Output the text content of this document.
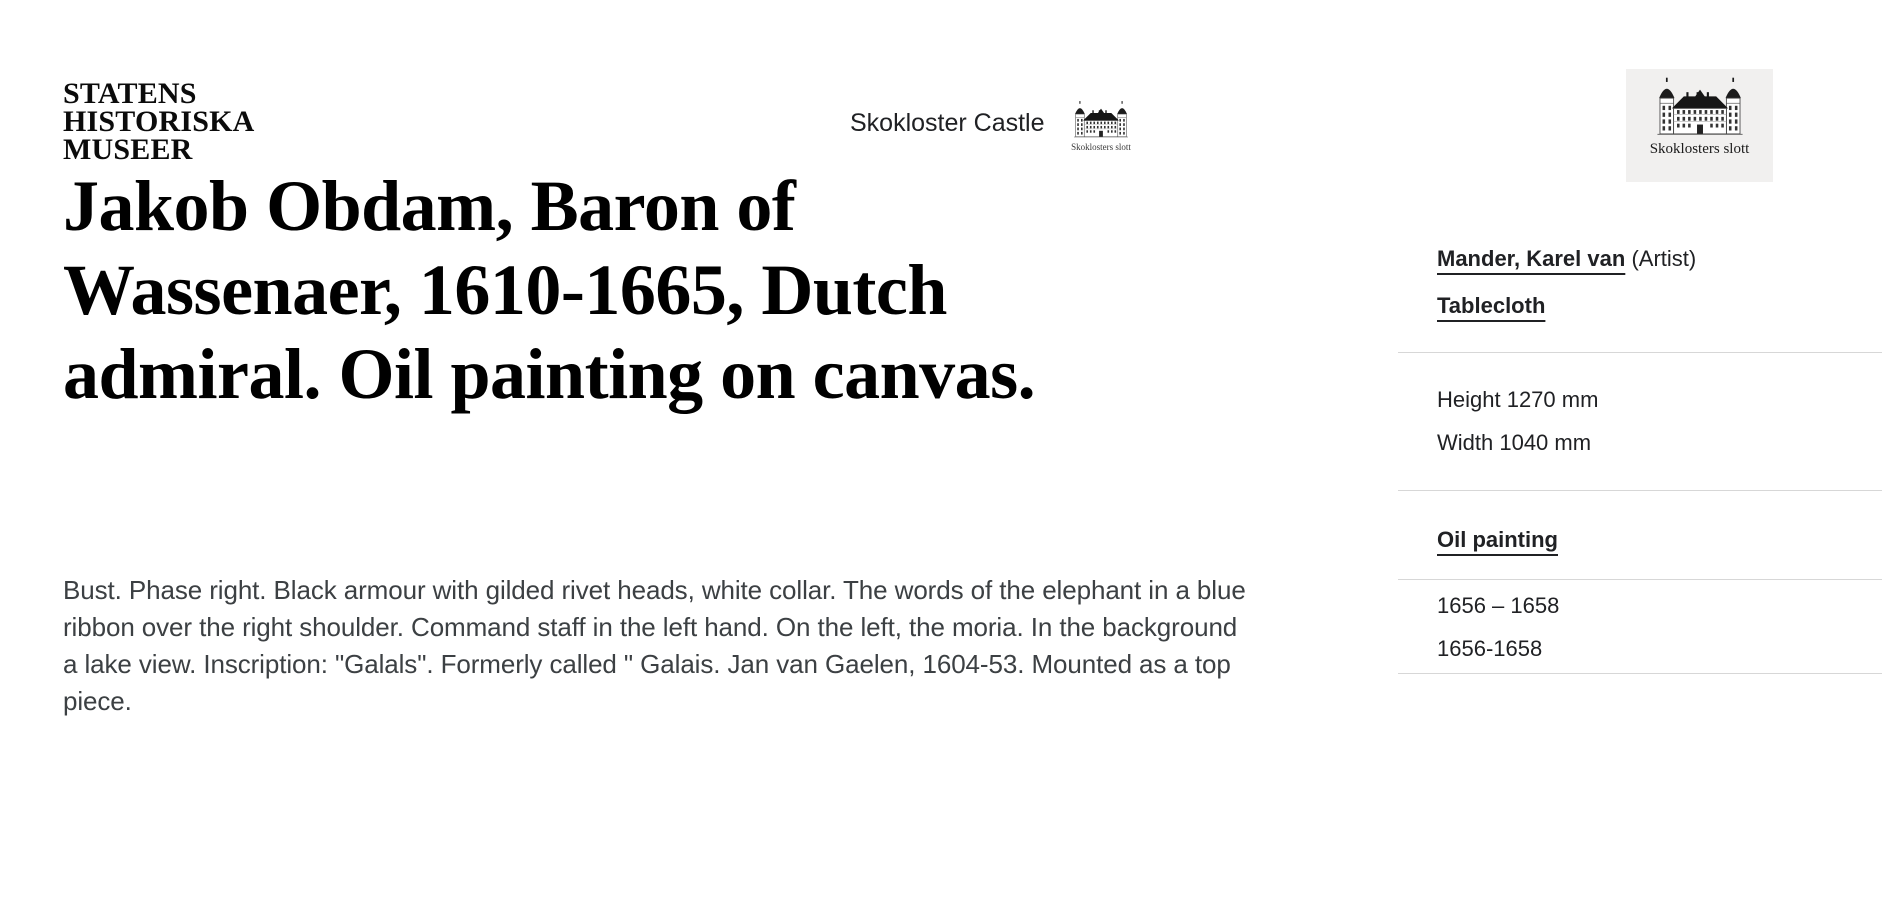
STATENS
HISTORISKA
MUSEER
Skokloster Castle
Skoklosters slott	Skoklosters slott
Jakob Obdam, Baron of
Wassenaer, 1610-1665, Dutch
admiral. Oil painting on canvas.
Bust. Phase right. Black armour with gilded rivet heads, white collar. The words of the elephant in a blue
ribbon over the right shoulder. Command staff in the left hand. On the left, the moria. In the background
a lake view. Inscription: "Galals". Formerly called " Galais. Jan van Gaelen, 1604-53. Mounted as a top
piece.
Mander, Karel van (Artist)
Tablecloth
Height 1270 mm
Width 1040 mm
Oil painting
1656 – 1658
1656-1658
